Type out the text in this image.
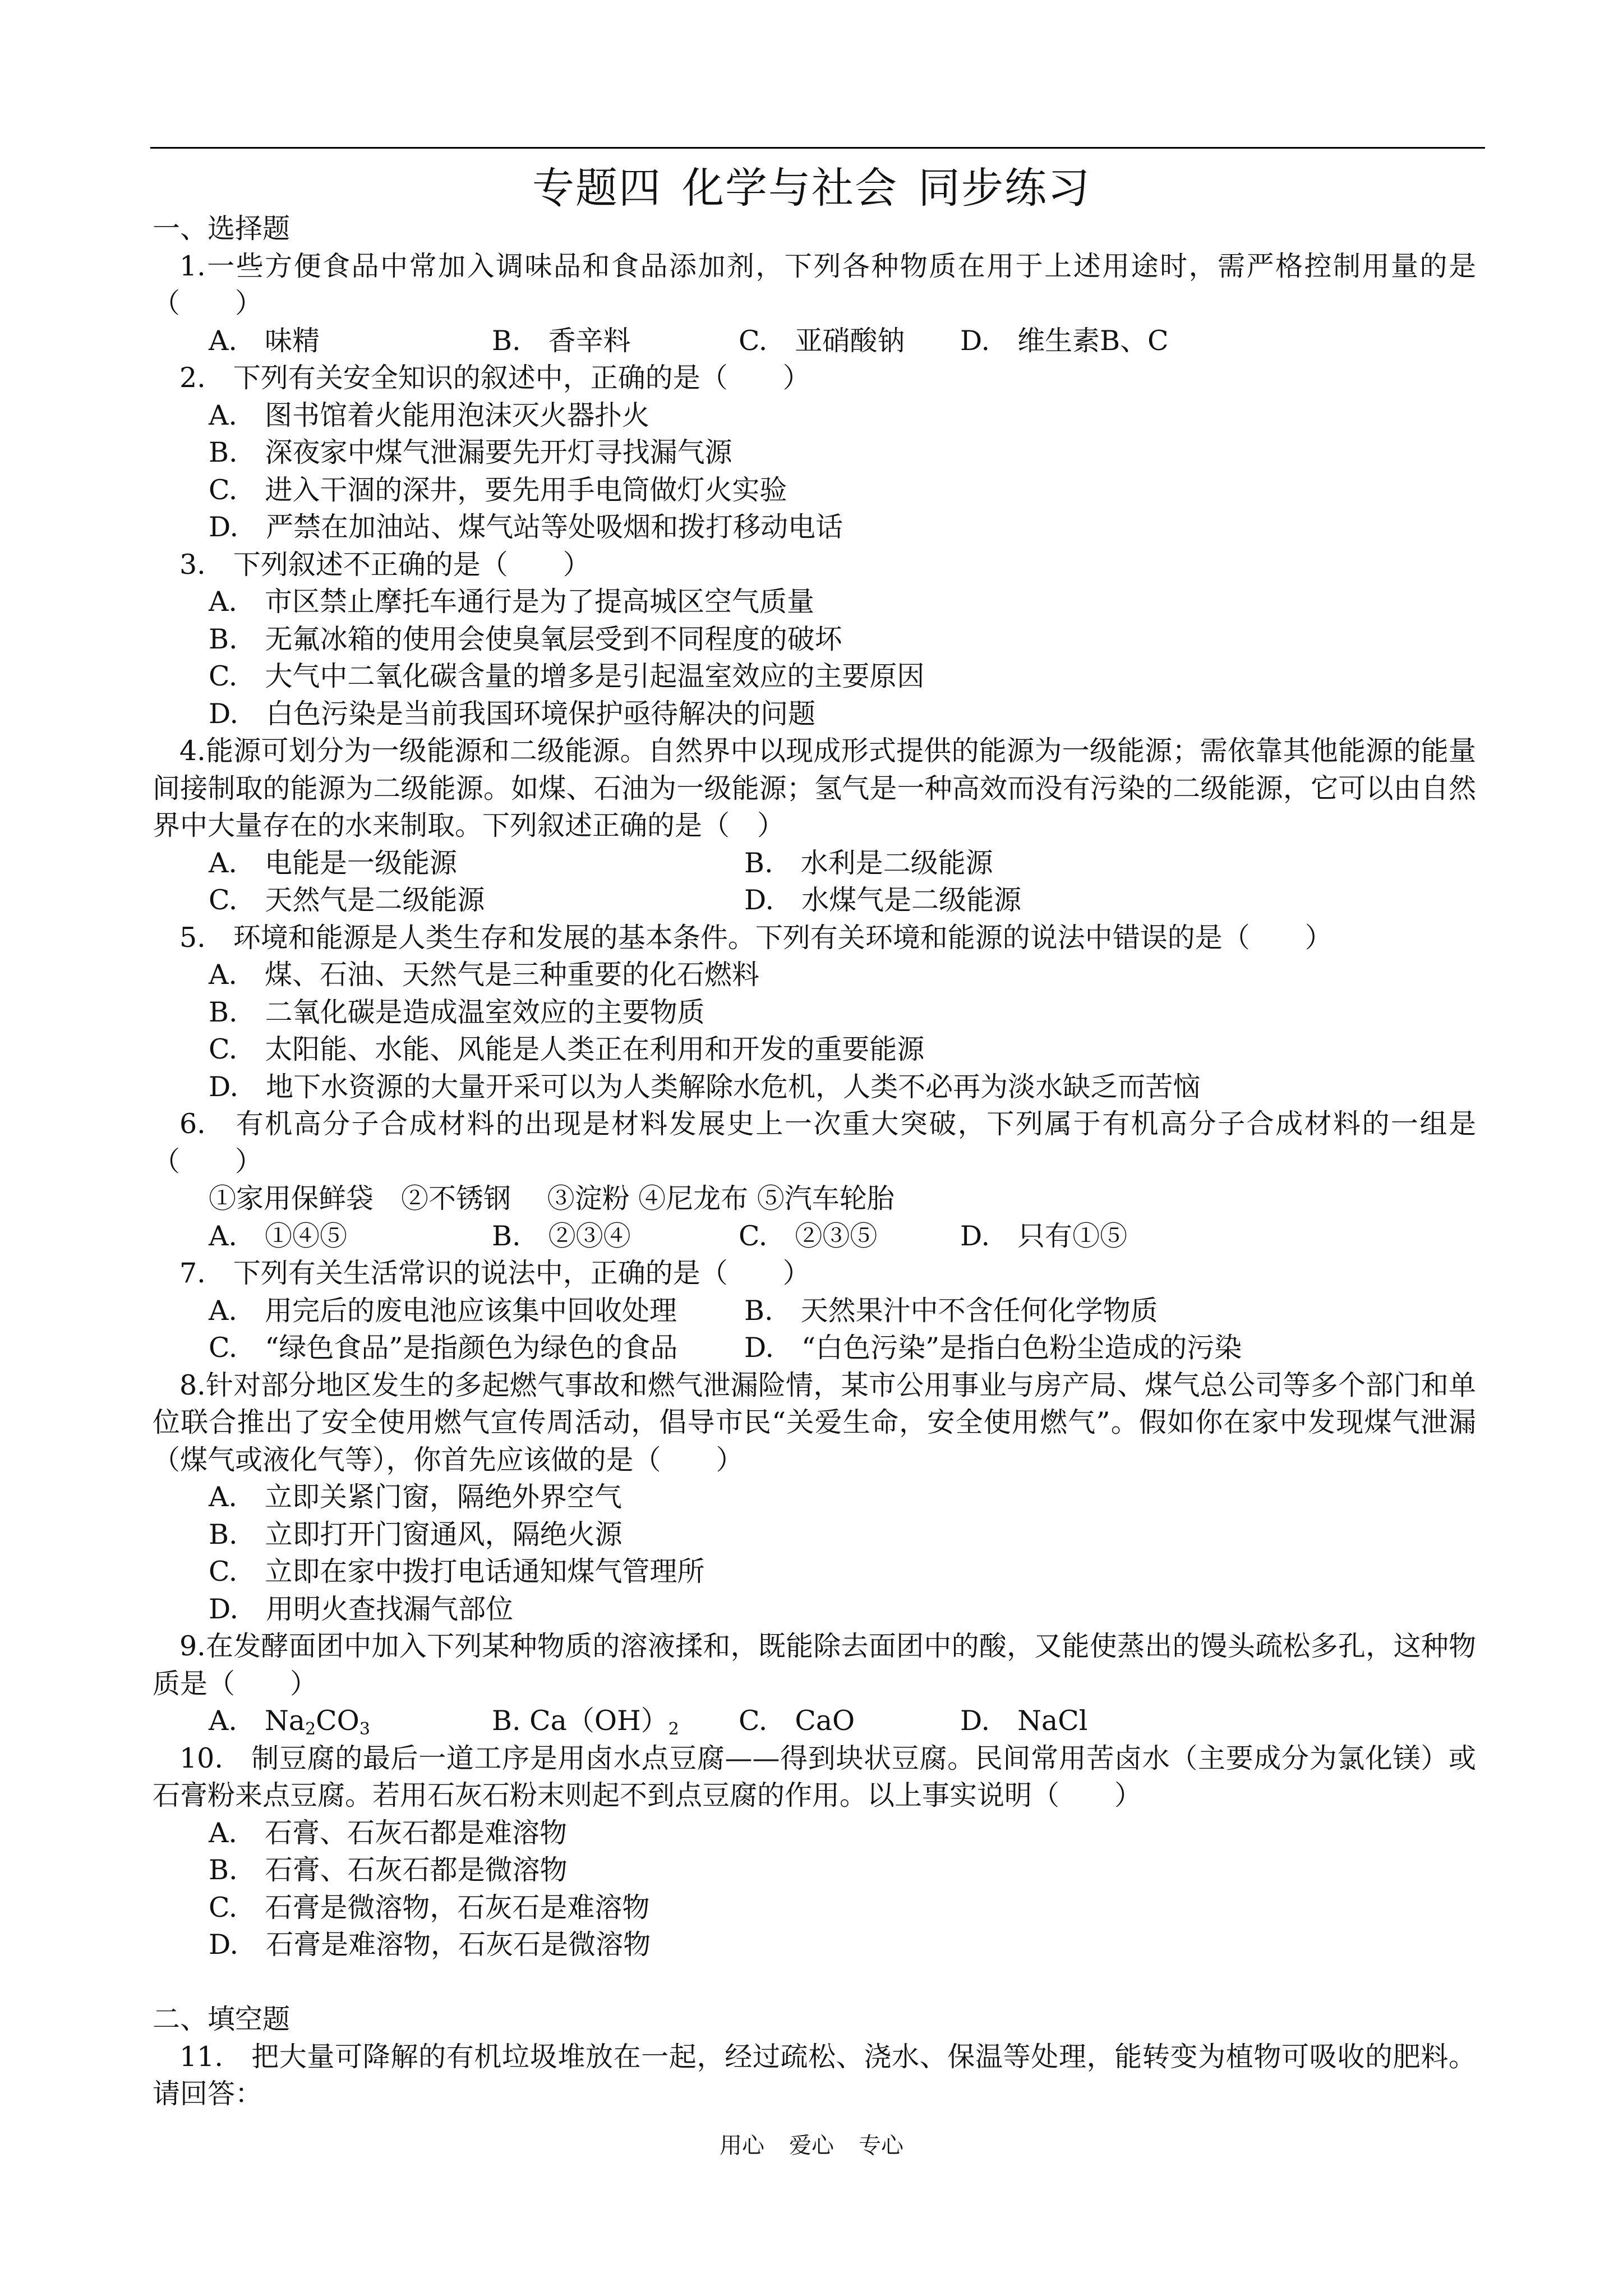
专题四 化学与社会 同步练习
一、选择题
1.一些方便食品中常加入调味品和食品添加剂，下列各种物质在用于上述用途时，需严格控制用量的是（　　）
A.　味精	B.　香辛料	C.　亚硝酸钠	D.　维生素B、C
2.　下列有关安全知识的叙述中，正确的是（　　）
A.　图书馆着火能用泡沫灭火器扑火
B.　深夜家中煤气泄漏要先开灯寻找漏气源
C.　进入干涸的深井，要先用手电筒做灯火实验
D.　严禁在加油站、煤气站等处吸烟和拨打移动电话
3.　下列叙述不正确的是（　　）
A.　市区禁止摩托车通行是为了提高城区空气质量
B.　无氟冰箱的使用会使臭氧层受到不同程度的破坏
C.　大气中二氧化碳含量的增多是引起温室效应的主要原因
D.　白色污染是当前我国环境保护亟待解决的问题
4.能源可划分为一级能源和二级能源。自然界中以现成形式提供的能源为一级能源；需依靠其他能源的能量间接制取的能源为二级能源。如煤、石油为一级能源；氢气是一种高效而没有污染的二级能源，它可以由自然界中大量存在的水来制取。下列叙述正确的是（　）
A.　电能是一级能源	B.　水利是二级能源
C.　天然气是二级能源	D.　水煤气是二级能源
5.　环境和能源是人类生存和发展的基本条件。下列有关环境和能源的说法中错误的是（　　）
A.　煤、石油、天然气是三种重要的化石燃料
B.　二氧化碳是造成温室效应的主要物质
C.　太阳能、水能、风能是人类正在利用和开发的重要能源
D.　地下水资源的大量开采可以为人类解除水危机，人类不必再为淡水缺乏而苦恼
6.　有机高分子合成材料的出现是材料发展史上一次重大突破，下列属于有机高分子合成材料的一组是（　　）
①家用保鲜袋　②不锈钢　 ③淀粉 ④尼龙布 ⑤汽车轮胎
A.　①④⑤	B.　②③④	C.　②③⑤	D.　只有①⑤
7.　下列有关生活常识的说法中，正确的是（　　）
A.　用完后的废电池应该集中回收处理	B.　天然果汁中不含任何化学物质
C.　“绿色食品”是指颜色为绿色的食品	D.　“白色污染”是指白色粉尘造成的污染
8.针对部分地区发生的多起燃气事故和燃气泄漏险情，某市公用事业与房产局、煤气总公司等多个部门和单位联合推出了安全使用燃气宣传周活动，倡导市民“关爱生命，安全使用燃气”。假如你在家中发现煤气泄漏（煤气或液化气等），你首先应该做的是（　　）
A.　立即关紧门窗，隔绝外界空气
B.　立即打开门窗通风，隔绝火源
C.　立即在家中拨打电话通知煤气管理所
D.　用明火查找漏气部位
9.在发酵面团中加入下列某种物质的溶液揉和，既能除去面团中的酸，又能使蒸出的馒头疏松多孔，这种物质是（　　）
A.　$Na_2CO_3$	B. $Ca(OH)_2$	C.　CaO	D.　NaCl
10.　制豆腐的最后一道工序是用卤水点豆腐——得到块状豆腐。民间常用苦卤水（主要成分为氯化镁）或石膏粉来点豆腐。若用石灰石粉末则起不到点豆腐的作用。以上事实说明（　　）
A.　石膏、石灰石都是难溶物
B.　石膏、石灰石都是微溶物
C.　石膏是微溶物，石灰石是难溶物
D.　石膏是难溶物，石灰石是微溶物
二、填空题
11.　把大量可降解的有机垃圾堆放在一起，经过疏松、浇水、保温等处理，能转变为植物可吸收的肥料。请回答：
用心 爱心 专心
